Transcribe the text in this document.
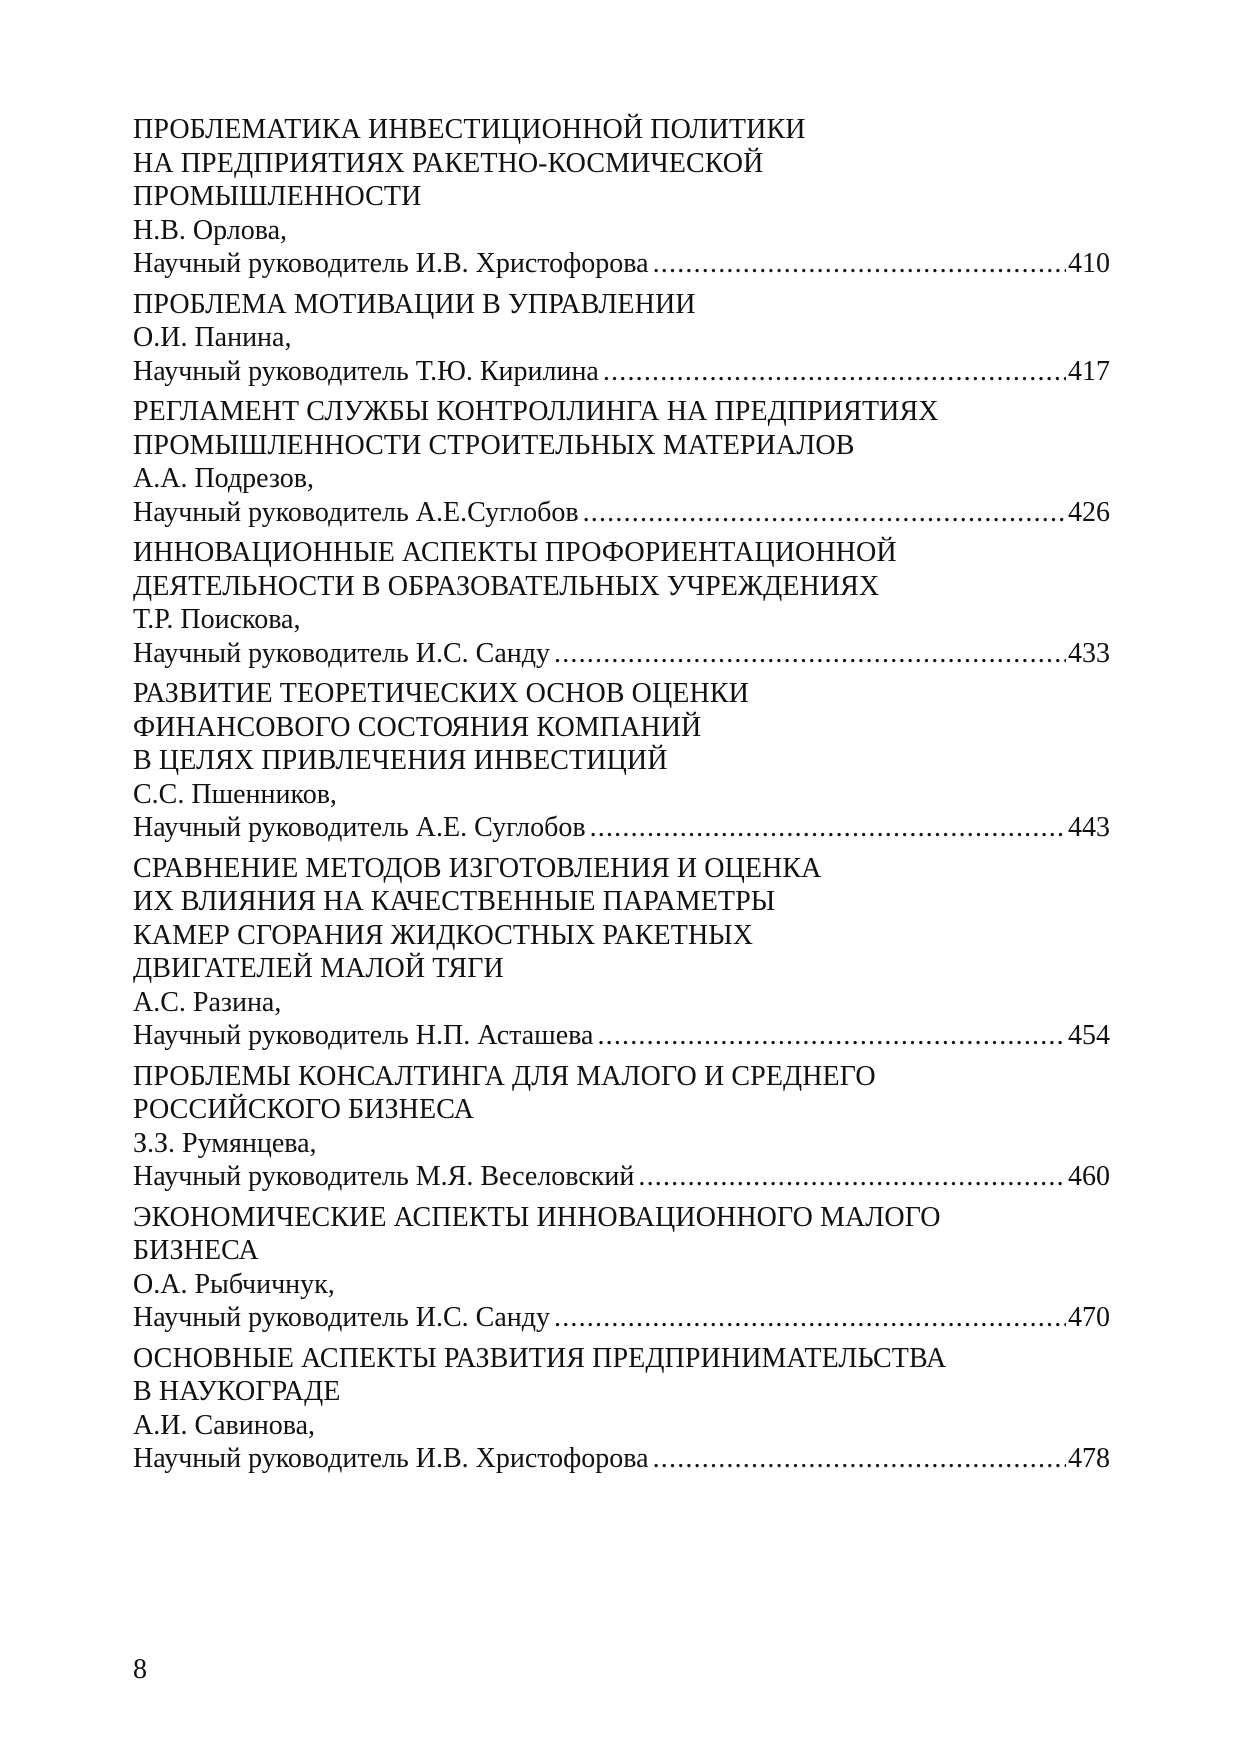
ПРОБЛЕМАТИКА ИНВЕСТИЦИОННОЙ ПОЛИТИКИ
НА ПРЕДПРИЯТИЯХ РАКЕТНО-КОСМИЧЕСКОЙ
ПРОМЫШЛЕННОСТИ
Н.В. Орлова,
Научный руководитель И.В. Христофорова .....	410
ПРОБЛЕМА МОТИВАЦИИ В УПРАВЛЕНИИ
О.И. Панина,
Научный руководитель Т.Ю. Кирилина .....	417
РЕГЛАМЕНТ СЛУЖБЫ КОНТРОЛЛИНГА НА ПРЕДПРИЯТИЯХ
ПРОМЫШЛЕННОСТИ СТРОИТЕЛЬНЫХ МАТЕРИАЛОВ
А.А. Подрезов,
Научный руководитель А.Е.Суглобов .....	426
ИННОВАЦИОННЫЕ АСПЕКТЫ ПРОФОРИЕНТАЦИОННОЙ
ДЕЯТЕЛЬНОСТИ В ОБРАЗОВАТЕЛЬНЫХ УЧРЕЖДЕНИЯХ
Т.Р. Поискова,
Научный руководитель И.С. Санду .....	433
РАЗВИТИЕ ТЕОРЕТИЧЕСКИХ ОСНОВ ОЦЕНКИ
ФИНАНСОВОГО СОСТОЯНИЯ КОМПАНИЙ
В ЦЕЛЯХ ПРИВЛЕЧЕНИЯ ИНВЕСТИЦИЙ
С.С. Пшенников,
Научный руководитель А.Е. Суглобов .....	443
СРАВНЕНИЕ МЕТОДОВ ИЗГОТОВЛЕНИЯ И ОЦЕНКА
ИХ ВЛИЯНИЯ НА КАЧЕСТВЕННЫЕ ПАРАМЕТРЫ
КАМЕР СГОРАНИЯ ЖИДКОСТНЫХ РАКЕТНЫХ
ДВИГАТЕЛЕЙ МАЛОЙ ТЯГИ
А.С. Разина,
Научный руководитель Н.П. Асташева .....	454
ПРОБЛЕМЫ КОНСАЛТИНГА ДЛЯ МАЛОГО И СРЕДНЕГО
РОССИЙСКОГО БИЗНЕСА
З.З. Румянцева,
Научный руководитель М.Я. Веселовский .....	460
ЭКОНОМИЧЕСКИЕ АСПЕКТЫ ИННОВАЦИОННОГО МАЛОГО
БИЗНЕСА
О.А. Рыбчичнук,
Научный руководитель И.С. Санду .....	470
ОСНОВНЫЕ АСПЕКТЫ РАЗВИТИЯ ПРЕДПРИНИМАТЕЛЬСТВА
В НАУКОГРАДЕ
А.И. Савинова,
Научный руководитель И.В. Христофорова .....	478
8
